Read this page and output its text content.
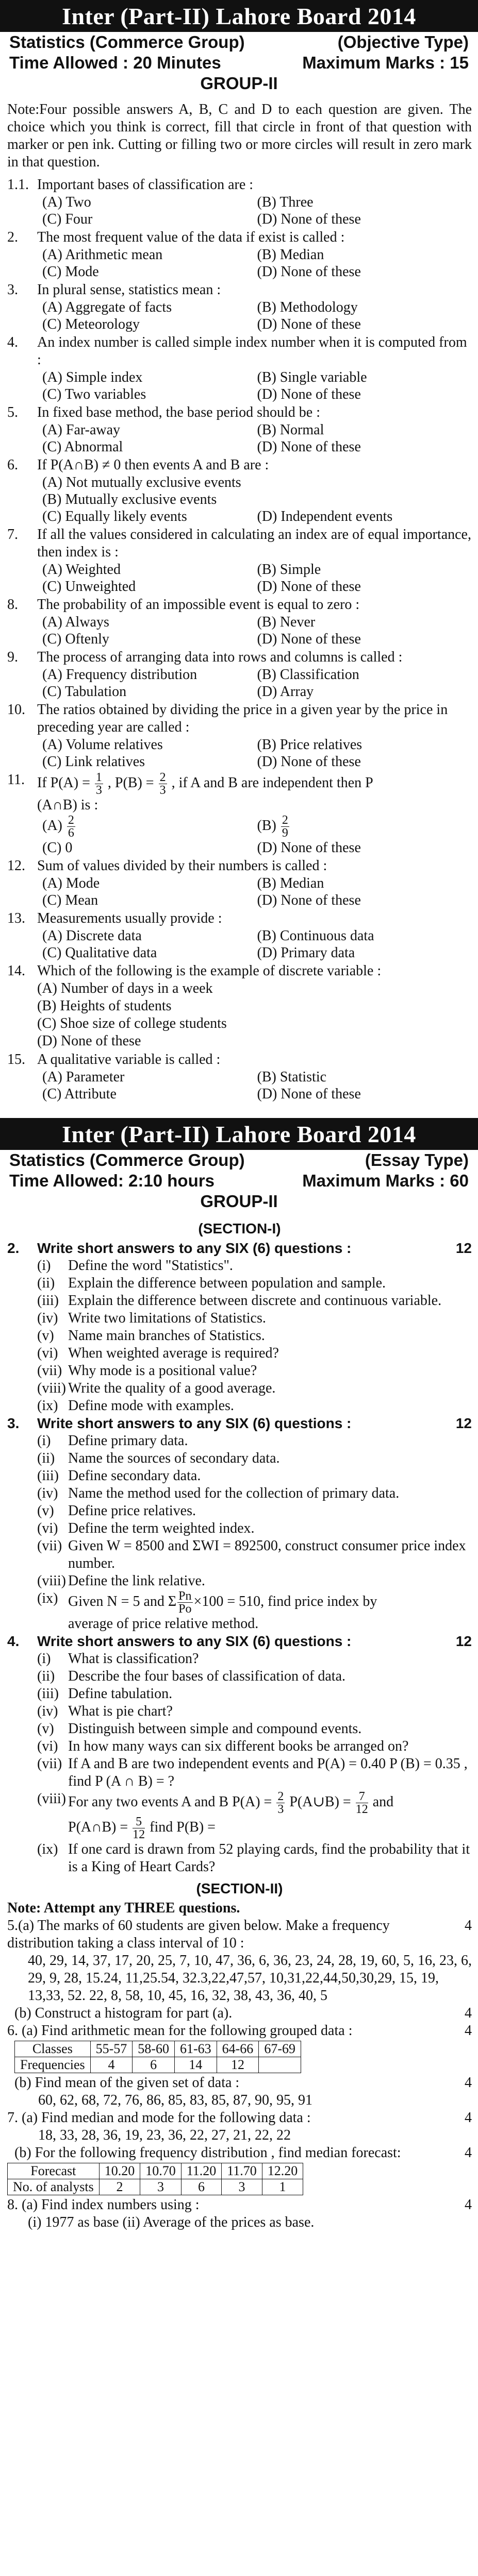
Inter (Part-II) Lahore Board 2014
Statistics (Commerce Group)	(Objective Type)
Time Allowed : 20 Minutes	Maximum Marks : 15
GROUP-II
Note:Four possible answers A, B, C and D to each question are given. The choice which you think is correct, fill that circle in front of that question with marker or pen ink. Cutting or filling two or more circles will result in zero mark in that question.
1.1. Important bases of classification are :
(A) Two	(B) Three
(C) Four	(D) None of these
2.	The most frequent value of the data if exist is called :
(A) Arithmetic mean	(B) Median
(C) Mode	(D) None of these
3.	In plural sense, statistics mean :
(A) Aggregate of facts	(B) Methodology
(C) Meteorology	(D) None of these
4.	An index number is called simple index number when it is computed from :
(A) Simple index	(B) Single variable
(C) Two variables	(D) None of these
5.	In fixed base method, the base period should be :
(A) Far-away	(B) Normal
(C) Abnormal	(D) None of these
6.	If P(A∩B) ≠ 0 then events A and B are :
(A) Not mutually exclusive events
(B) Mutually exclusive events
(C) Equally likely events	(D) Independent events
7.	If all the values considered in calculating an index are of equal importance, then index is :
(A) Weighted	(B) Simple
(C) Unweighted	(D) None of these
8.	The probability of an impossible event is equal to zero :
(A) Always	(B) Never
(C) Oftenly	(D) None of these
9.	The process of arranging data into rows and columns is called :
(A) Frequency distribution	(B) Classification
(C) Tabulation	(D) Array
10. The ratios obtained by dividing the price in a given year by the price in preceding year are called :
(A) Volume relatives	(B) Price relatives
(C) Link relatives	(D) None of these
11. If $P(A) = \frac{1}{3}$ , $P(B) = \frac{2}{3}$ , if A and B are independent then P
(A∩B) is :
$(A) \frac{2}{6}$	$(B) \frac{2}{9}$
(C) 0	(D) None of these
12. Sum of values divided by their numbers is called :
(A) Mode	(B) Median
(C) Mean	(D) None of these
13. Measurements usually provide :
(A) Discrete data	(B) Continuous data
(C) Qualitative data	(D) Primary data
14. Which of the following is the example of discrete variable :
(A) Number of days in a week
(B) Heights of students
(C) Shoe size of college students
(D) None of these
15. A qualitative variable is called :
(A) Parameter	(B) Statistic
(C) Attribute	(D) None of these
Inter (Part-II) Lahore Board 2014
Statistics (Commerce Group)	(Essay Type)
Time Allowed: 2:10 hours	Maximum Marks : 60
GROUP-II
(SECTION-I)
2.	Write short answers to any SIX (6) questions :	12
(i)	Define the word "Statistics".
(ii) Explain the difference between population and sample.
(iii) Explain the difference between discrete and continuous variable.
(iv) Write two limitations of Statistics.
(v) Name main branches of Statistics.
(vi) When weighted average is required?
(vii) Why mode is a positional value?
(viii) Write the quality of a good average.
(ix) Define mode with examples.
3.	Write short answers to any SIX (6) questions :	12
(i)	Define primary data.
(ii) Name the sources of secondary data.
(iii) Define secondary data.
(iv) Name the method used for the collection of primary data.
(v) Define price relatives.
(vi) Define the term weighted index.
(vii) Given W = 8500 and ΣWI = 892500, construct consumer price index number.
(viii) Define the link relative.
(ix) Given N = 5 and Σ $\frac{Pn}{Po} \times 100 = 510$, find price index by
average of price relative method.
4.	Write short answers to any SIX (6) questions :	12
(i)	What is classification?
(ii) Describe the four bases of classification of data.
(iii) Define tabulation.
(iv) What is pie chart?
(v) Distinguish between simple and compound events.
(vi) In how many ways can six different books be arranged on?
(vii) If A and B are two independent events and P(A) = 0.40 P (B) = 0.35 , find P (A ∩ B) = ?
(viii) For any two events A and B $P(A) = \frac{2}{3}$ P(A∪B) = $\frac{7}{12}$ and
P(A∩B) = $\frac{5}{12}$ find P(B) =
(ix) If one card is drawn from 52 playing cards, find the probability that it is a King of Heart Cards?
(SECTION-II)
Note: Attempt any THREE questions.
5.(a) The marks of 60 students are given below. Make a frequency distribution taking a class interval of 10 :
4
40, 29, 14, 37, 17, 20, 25, 7, 10, 47, 36, 6, 36, 23, 24, 28, 19, 60, 5, 16, 23, 6, 29, 9, 28, 15.24, 11,25.54, 32.3,22,47,57, 10,31,22,44,50,30,29, 15, 19, 13,33, 52. 22, 8, 58, 10, 45, 16, 32, 38, 43, 36, 40, 5
(b) Construct a histogram for part (a).	4
6. (a) Find arithmetic mean for the following grouped data :	4
Classes	55-57	58-60	61-63	64-66	67-69
Frequencies	4	6	14	12	
(b) Find mean of the given set of data :	4
60, 62, 68, 72, 76, 86, 85, 83, 85, 87, 90, 95, 91
7. (a) Find median and mode for the following data :	4
18, 33, 28, 36, 19, 23, 36, 22, 27, 21, 22, 22
(b) For the following frequency distribution , find median forecast:	4
Forecast	10.20	10.70	11.20	11.70	12.20
No. of analysts	2	3	6	3	1
8. (a) Find index numbers using :	4
(i) 1977 as base (ii) Average of the prices as base.
